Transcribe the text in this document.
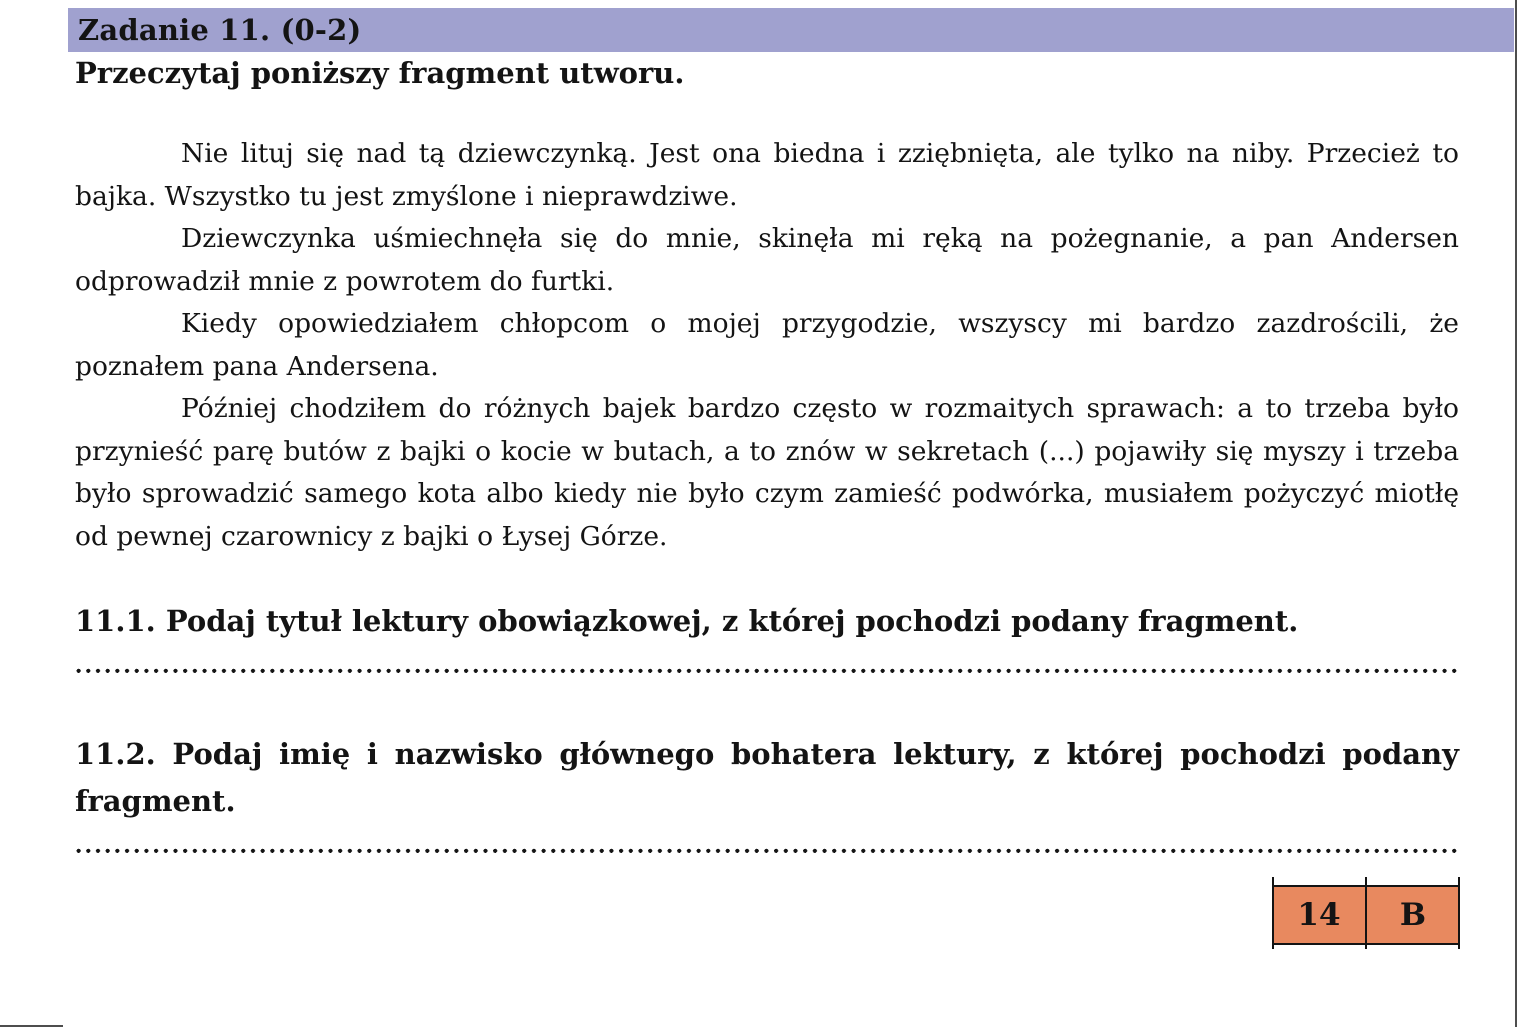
Zadanie 11. (0-2)

Przeczytaj poniższy fragment utworu.

Nie lituj się nad tą dziewczynką. Jest ona biedna i zziębnięta, ale tylko na niby. Przecież to bajka. Wszystko tu jest zmyślone i nieprawdziwe.

Dziewczynka uśmiechnęła się do mnie, skinęła mi ręką na pożegnanie, a pan Andersen odprowadził mnie z powrotem do furtki.

Kiedy opowiedziałem chłopcom o mojej przygodzie, wszyscy mi bardzo zazdrościli, że poznałem pana Andersena.

Później chodziłem do różnych bajek bardzo często w rozmaitych sprawach: a to trzeba było przynieść parę butów z bajki o kocie w butach, a to znów w sekretach (...) pojawiły się myszy i trzeba było sprowadzić samego kota albo kiedy nie było czym zamieść podwórka, musiałem pożyczyć miotłę od pewnej czarownicy z bajki o Łysej Górze.

11.1. Podaj tytuł lektury obowiązkowej, z której pochodzi podany fragment.

11.2. Podaj imię i nazwisko głównego bohatera lektury, z której pochodzi podany fragment.

14	B
